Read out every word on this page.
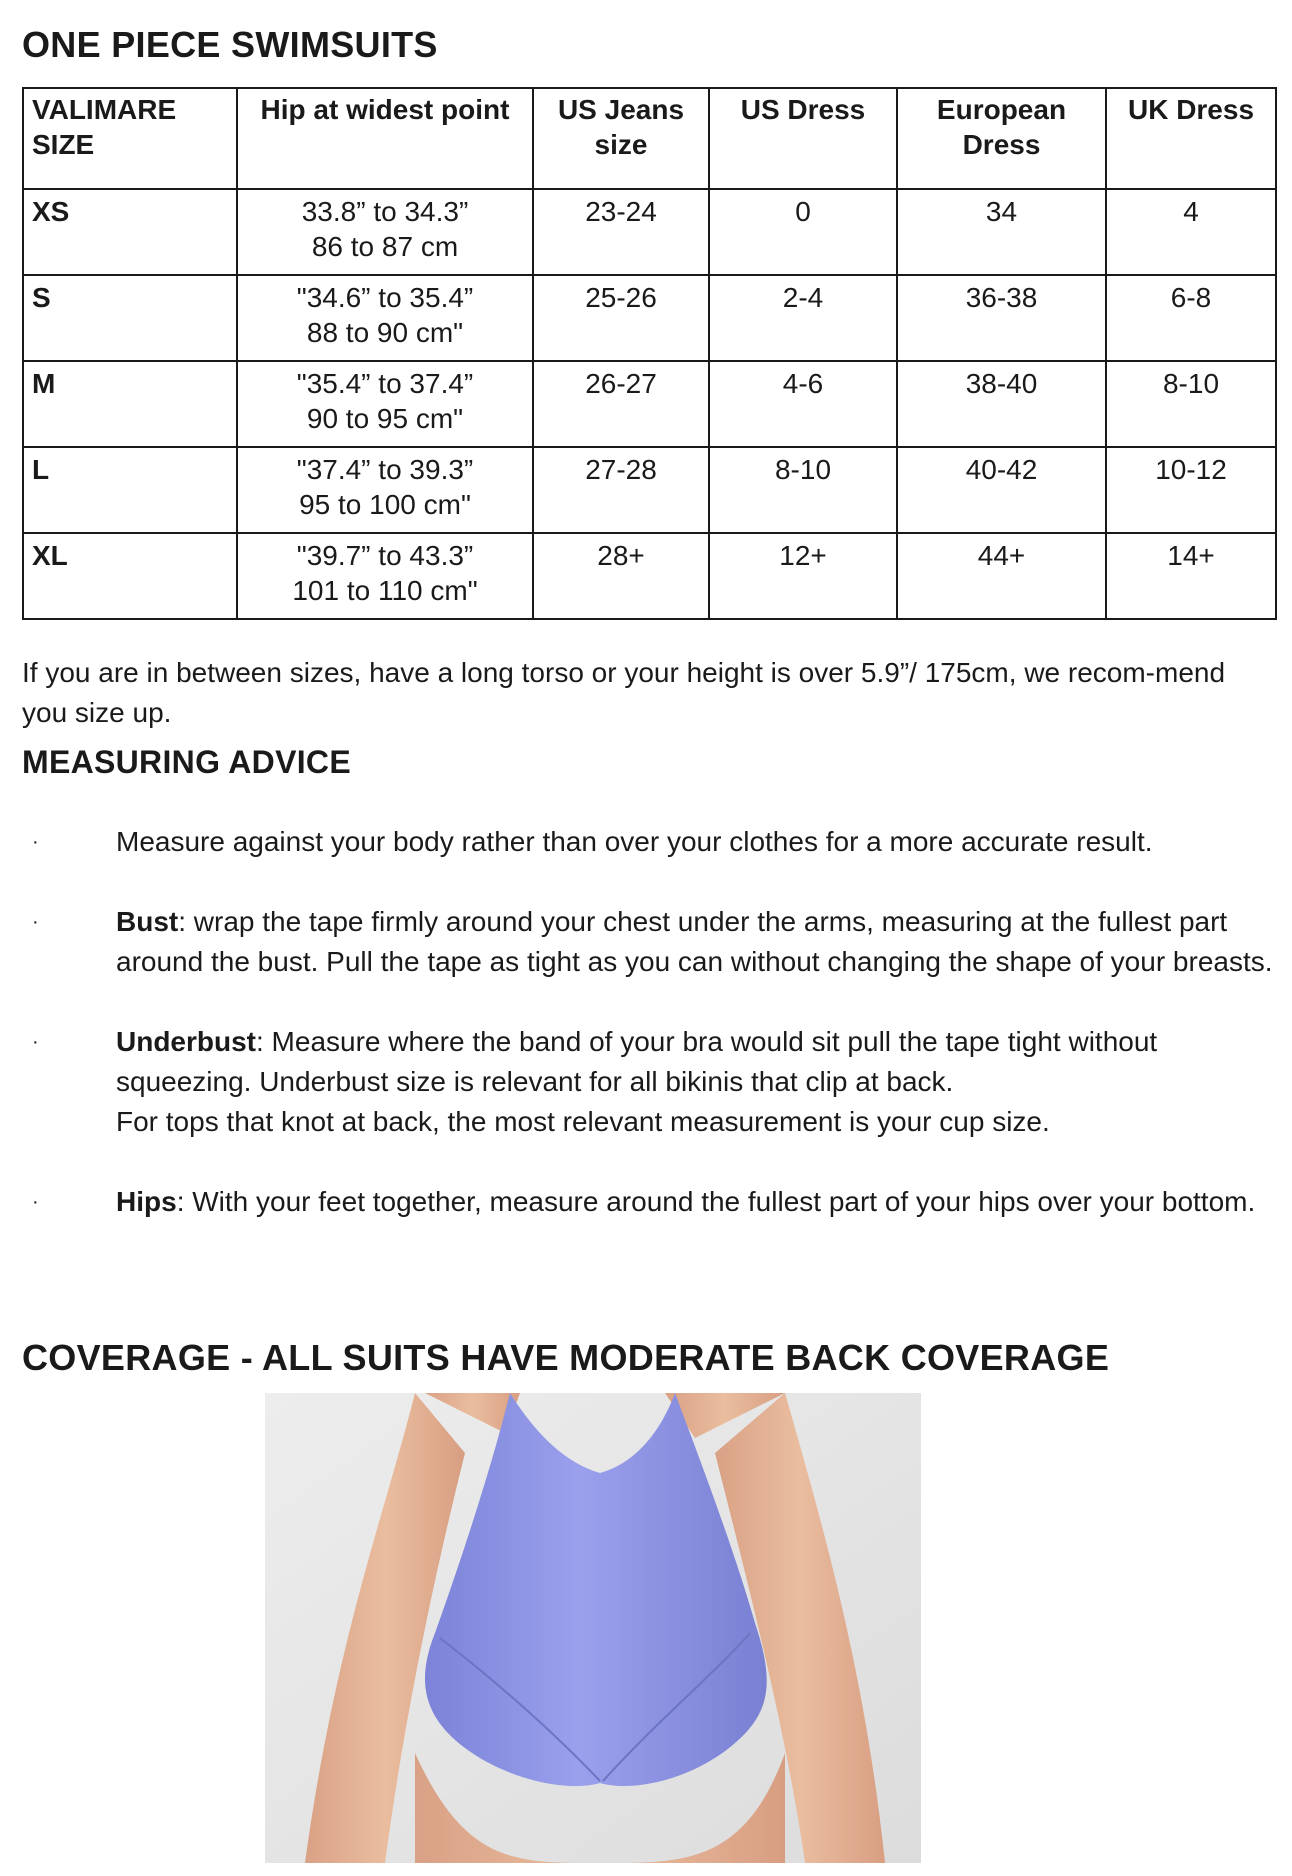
ONE PIECE SWIMSUITS
VALIMARE SIZE	Hip at widest point	US Jeans size	US Dress	European Dress	UK Dress
XS	33.8” to 34.3”
86 to 87 cm	23-24	0	34	4
S	"34.6” to 35.4”
88 to 90 cm"	25-26	2-4	36-38	6-8
M	"35.4” to 37.4”
90 to 95 cm"	26-27	4-6	38-40	8-10
L	"37.4” to 39.3”
95 to 100 cm"	27-28	8-10	40-42	10-12
XL	"39.7” to 43.3”
101 to 110 cm"	28+	12+	44+	14+

If you are in between sizes, have a long torso or your height is over 5.9”/ 175cm, we recom-mend you size up.

MEASURING ADVICE
·	Measure against your body rather than over your clothes for a more accurate result.
·	Bust: wrap the tape firmly around your chest under the arms, measuring at the fullest part around the bust. Pull the tape as tight as you can without changing the shape of your breasts.
·	Underbust: Measure where the band of your bra would sit pull the tape tight without squeezing. Underbust size is relevant for all bikinis that clip at back.
For tops that knot at back, the most relevant measurement is your cup size.
·	Hips: With your feet together, measure around the fullest part of your hips over your bottom.
COVERAGE - ALL SUITS HAVE MODERATE BACK COVERAGE
